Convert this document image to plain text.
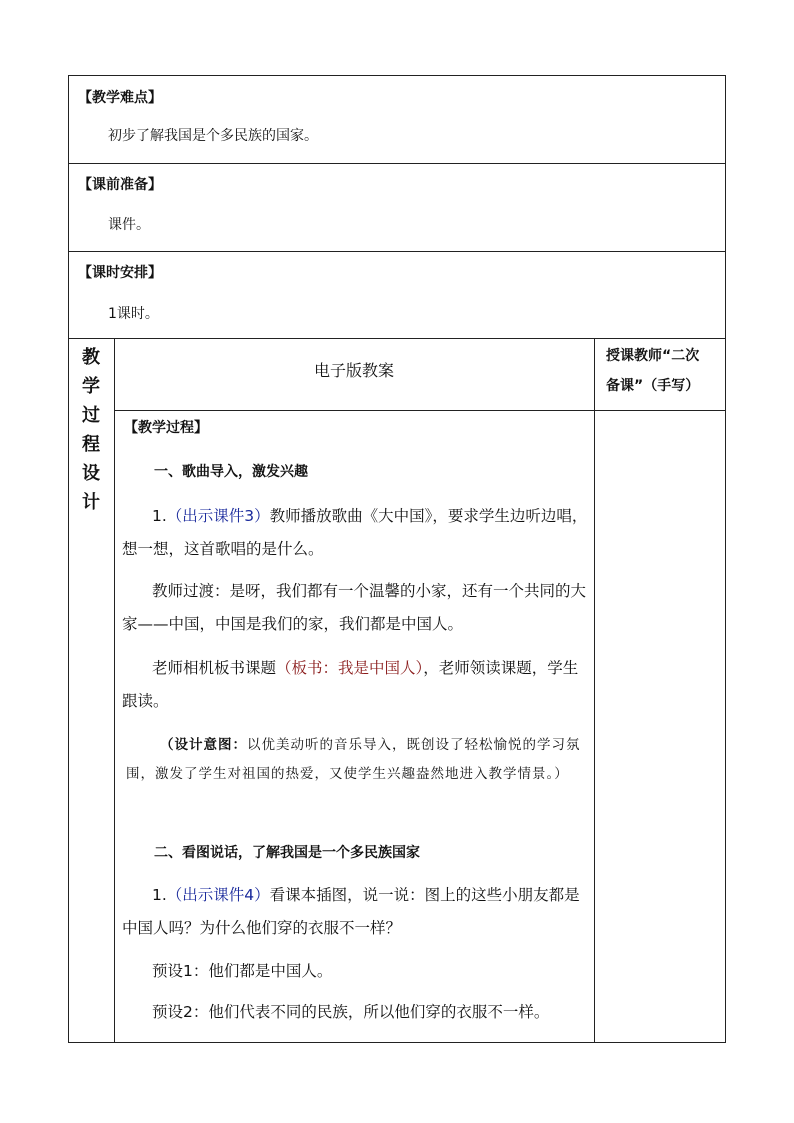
【教学难点】
初步了解我国是个多民族的国家。
【课前准备】
课件。
【课时安排】
1课时。
教
学
过
程
设
计
电子版教案
授课教师“二次
备课”（手写）
【教学过程】
一、歌曲导入，激发兴趣
1.（出示课件3）教师播放歌曲《大中国》，要求学生边听边唱，想一想，这首歌唱的是什么。
教师过渡：是呀，我们都有一个温馨的小家，还有一个共同的大家——中国，中国是我们的家，我们都是中国人。
老师相机板书课题（板书：我是中国人），老师领读课题，学生跟读。
（设计意图：以优美动听的音乐导入，既创设了轻松愉悦的学习氛围，激发了学生对祖国的热爱，又使学生兴趣盎然地进入教学情景。）
二、看图说话，了解我国是一个多民族国家
1.（出示课件4）看课本插图，说一说：图上的这些小朋友都是中国人吗？为什么他们穿的衣服不一样？
预设1：他们都是中国人。
预设2：他们代表不同的民族，所以他们穿的衣服不一样。
